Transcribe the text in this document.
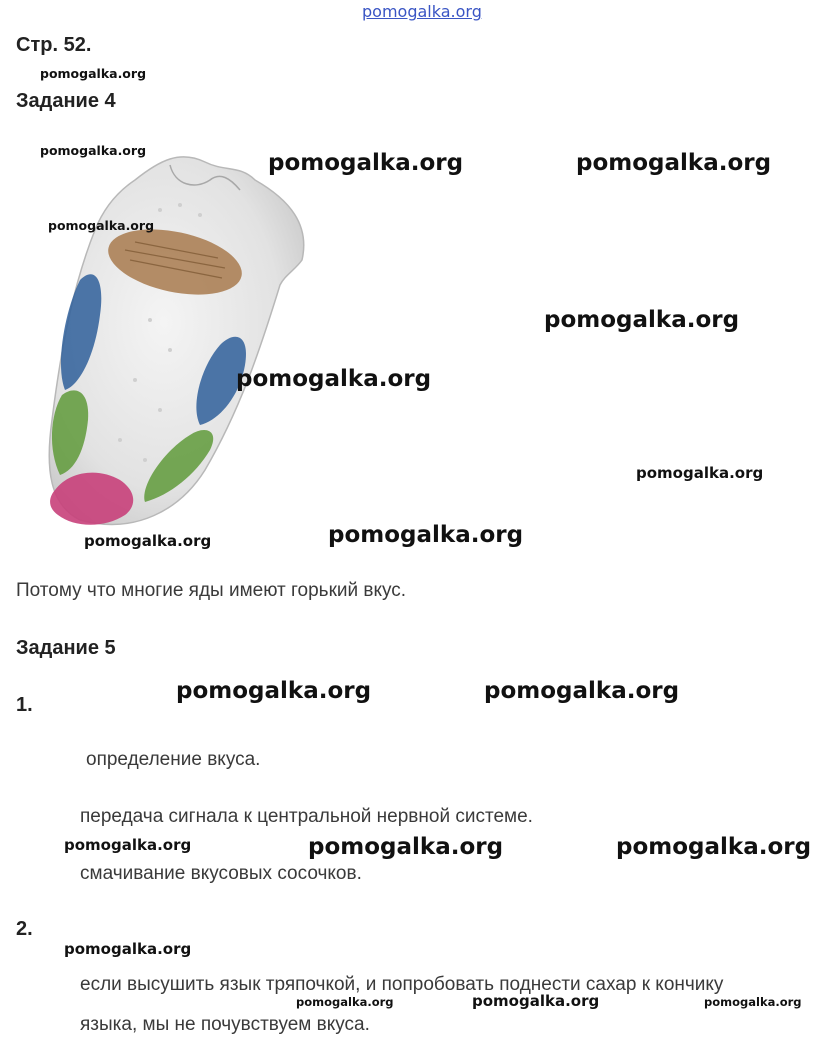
pomogalka.org
Стр. 52.
pomogalka.org
Задание 4
pomogalka.org	pomogalka.org	pomogalka.org
pomogalka.org
pomogalka.org
pomogalka.org
pomogalka.org
pomogalka.org	pomogalka.org
Потому что многие яды имеют горький вкус.
Задание 5
1.
pomogalka.org	pomogalka.org
определение вкуса.
передача сигнала к центральной нервной системе.
pomogalka.org	pomogalka.org	pomogalka.org
смачивание вкусовых сосочков.
2.
pomogalka.org
если высушить язык тряпочкой, и попробовать поднести сахар к кончику
pomogalka.org	pomogalka.org	pomogalka.org
языка, мы не почувствуем вкуса.
